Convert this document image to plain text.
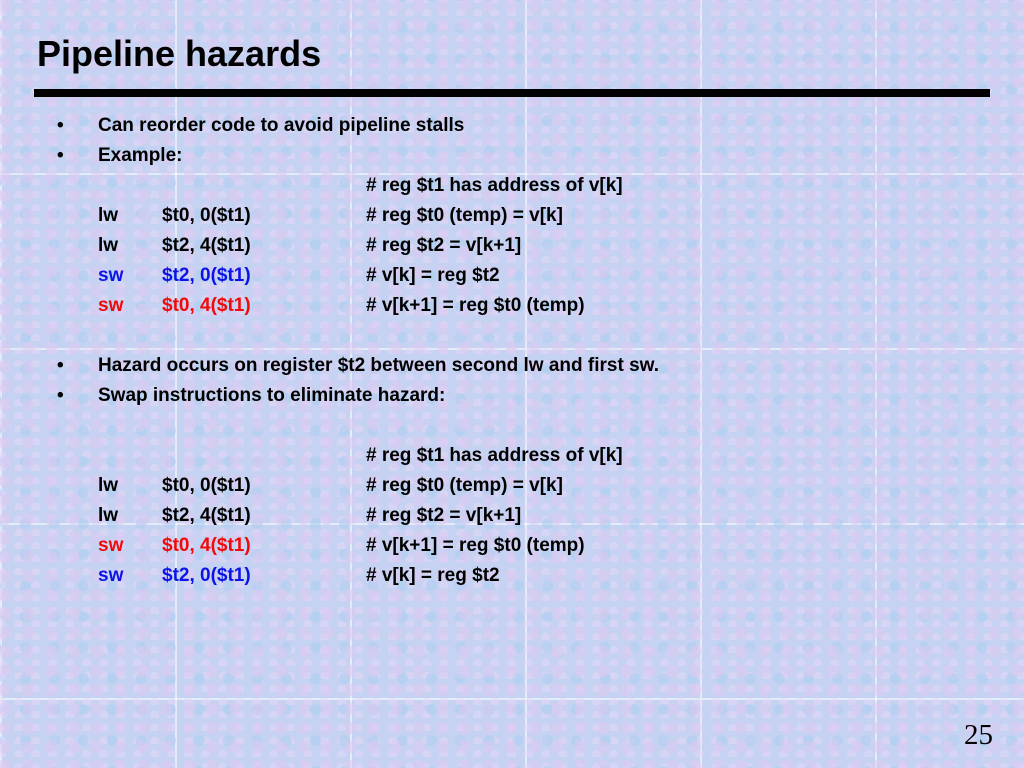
Pipeline hazards
• Can reorder code to avoid pipeline stalls
• Example:
# reg $t1 has address of v[k]
lw $t0, 0($t1)	# reg $t0 (temp) = v[k]
lw $t2, 4($t1)	# reg $t2 = v[k+1]
sw $t2, 0($t1)	# v[k] = reg $t2
sw $t0, 4($t1)	# v[k+1] = reg $t0 (temp)
• Hazard occurs on register $t2 between second lw and first sw.
• Swap instructions to eliminate hazard:
# reg $t1 has address of v[k]
lw $t0, 0($t1)	# reg $t0 (temp) = v[k]
lw $t2, 4($t1)	# reg $t2 = v[k+1]
sw $t0, 4($t1)	# v[k+1] = reg $t0 (temp)
sw $t2, 0($t1)	# v[k] = reg $t2
25
